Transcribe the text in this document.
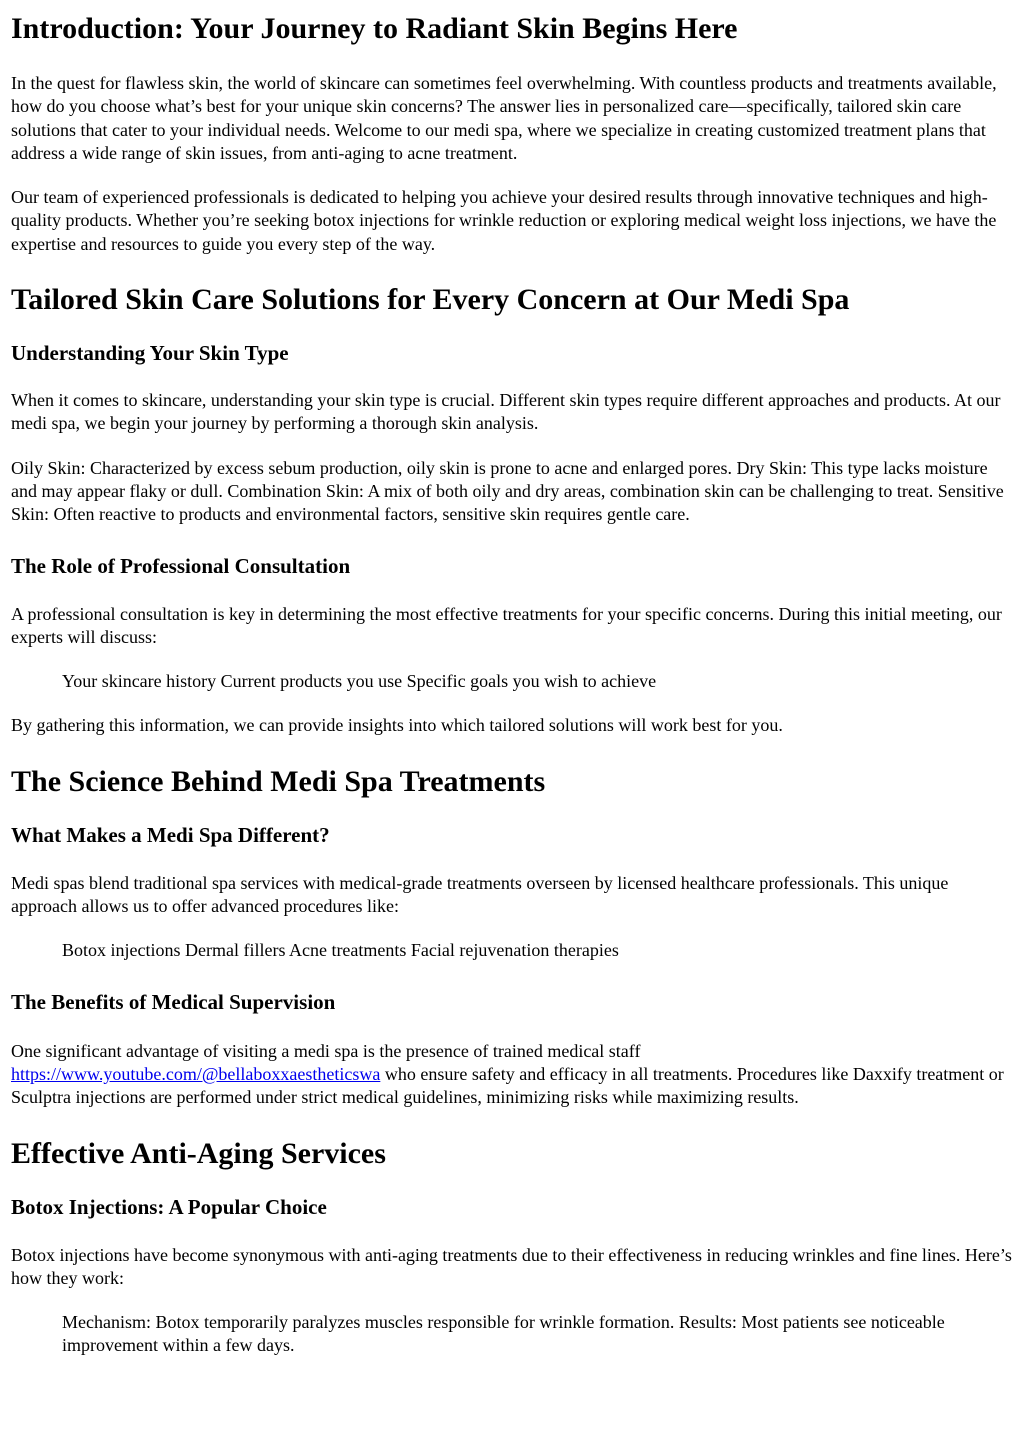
Introduction: Your Journey to Radiant Skin Begins Here

In the quest for flawless skin, the world of skincare can sometimes feel overwhelming. With countless products and treatments available, how do you choose what’s best for your unique skin concerns? The answer lies in personalized care—specifically, tailored skin care solutions that cater to your individual needs. Welcome to our medi spa, where we specialize in creating customized treatment plans that address a wide range of skin issues, from anti-aging to acne treatment.

Our team of experienced professionals is dedicated to helping you achieve your desired results through innovative techniques and high-quality products. Whether you’re seeking botox injections for wrinkle reduction or exploring medical weight loss injections, we have the expertise and resources to guide you every step of the way.

Tailored Skin Care Solutions for Every Concern at Our Medi Spa
Understanding Your Skin Type

When it comes to skincare, understanding your skin type is crucial. Different skin types require different approaches and products. At our medi spa, we begin your journey by performing a thorough skin analysis.

Oily Skin: Characterized by excess sebum production, oily skin is prone to acne and enlarged pores. Dry Skin: This type lacks moisture and may appear flaky or dull. Combination Skin: A mix of both oily and dry areas, combination skin can be challenging to treat. Sensitive Skin: Often reactive to products and environmental factors, sensitive skin requires gentle care.

The Role of Professional Consultation

A professional consultation is key in determining the most effective treatments for your specific concerns. During this initial meeting, our experts will discuss:

Your skincare history Current products you use Specific goals you wish to achieve

By gathering this information, we can provide insights into which tailored solutions will work best for you.

The Science Behind Medi Spa Treatments
What Makes a Medi Spa Different?

Medi spas blend traditional spa services with medical-grade treatments overseen by licensed healthcare professionals. This unique approach allows us to offer advanced procedures like:

Botox injections Dermal fillers Acne treatments Facial rejuvenation therapies

The Benefits of Medical Supervision

One significant advantage of visiting a medi spa is the presence of trained medical staff https://www.youtube.com/@bellaboxxaestheticswa who ensure safety and efficacy in all treatments. Procedures like Daxxify treatment or Sculptra injections are performed under strict medical guidelines, minimizing risks while maximizing results.

Effective Anti-Aging Services
Botox Injections: A Popular Choice

Botox injections have become synonymous with anti-aging treatments due to their effectiveness in reducing wrinkles and fine lines. Here’s how they work:

Mechanism: Botox temporarily paralyzes muscles responsible for wrinkle formation. Results: Most patients see noticeable improvement within a few days.
